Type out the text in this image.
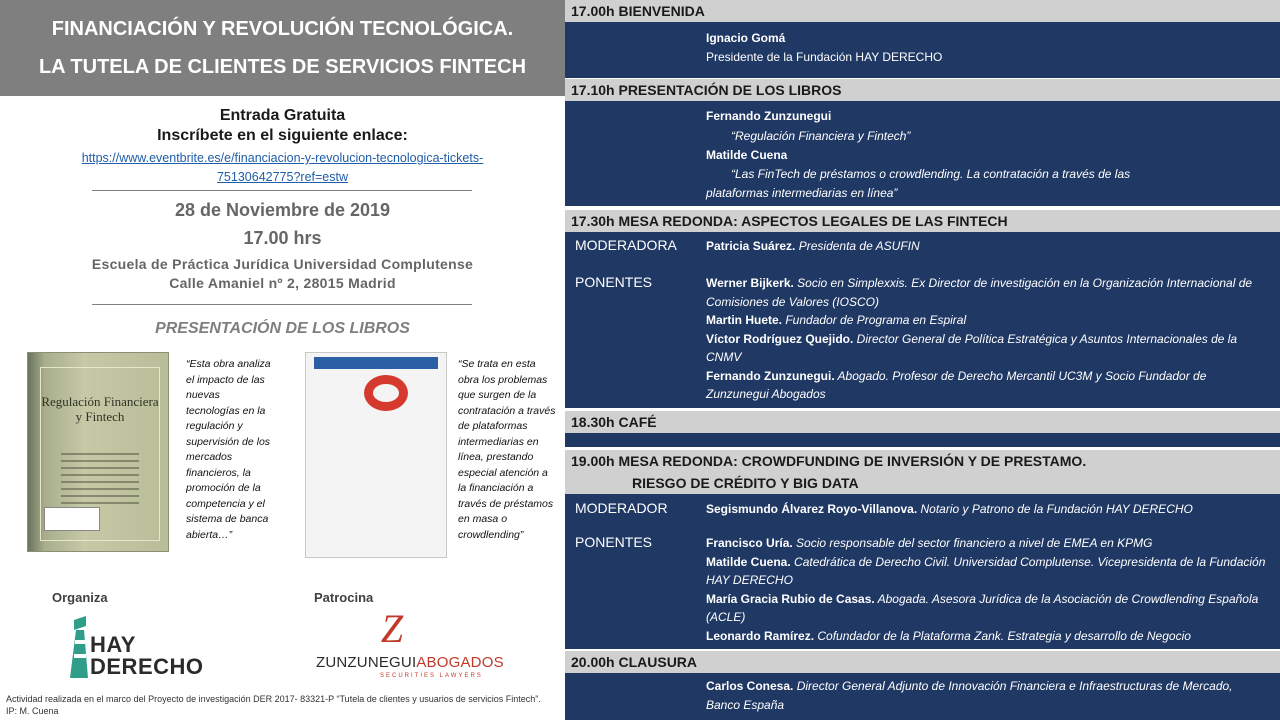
FINANCIACIÓN Y REVOLUCIÓN TECNOLÓGICA.
LA TUTELA DE CLIENTES DE SERVICIOS FINTECH
Entrada Gratuita
Inscríbete en el siguiente enlace:
https://www.eventbrite.es/e/financiacion-y-revolucion-tecnologica-tickets-
75130642775?ref=estw
28 de Noviembre de 2019
17.00 hrs
Escuela de Práctica Jurídica Universidad Complutense
Calle Amaniel nº 2, 28015 Madrid
PRESENTACIÓN DE LOS LIBROS
Regulación Financiera y Fintech
“Esta obra analiza el impacto de las nuevas tecnologías en la regulación y supervisión de los mercados financieros, la promoción de la competencia y el sistema de banca abierta…”
“Se trata en esta obra los problemas que surgen de la contratación a través de plataformas intermediarias en línea, prestando especial atención a la financiación a través de préstamos en masa o crowdlending”
Organiza	Patrocina
HAY
DERECHO
Z
ZUNZUNEGUIABOGADOS
SECURITIES LAWYERS
Actividad realizada en el marco del Proyecto de investigación DER 2017- 83321-P “Tutela de clientes y usuarios de servicios Fintech”. IP: M. Cuena
17.00h BIENVENIDA
Ignacio Gomá
Presidente de la Fundación HAY DERECHO
17.10h PRESENTACIÓN DE LOS LIBROS
Fernando Zunzunegui
“Regulación Financiera y Fintech”
Matilde Cuena
“Las FinTech de préstamos o crowdlending. La contratación a través de las
plataformas intermediarias en línea”
17.30h MESA REDONDA: ASPECTOS LEGALES DE LAS FINTECH
MODERADORA Patricia Suárez. Presidenta de ASUFIN
PONENTES	Werner Bijkerk. Socio en Simplexxis. Ex Director de investigación en la Organización Internacional de Comisiones de Valores (IOSCO)
Martin Huete. Fundador de Programa en Espiral
Víctor Rodríguez Quejido. Director General de Política Estratégica y Asuntos Internacionales de la CNMV
Fernando Zunzunegui. Abogado. Profesor de Derecho Mercantil UC3M y Socio Fundador de Zunzunegui Abogados
18.30h CAFÉ
19.00h MESA REDONDA: CROWDFUNDING DE INVERSIÓN Y DE PRESTAMO.
RIESGO DE CRÉDITO Y BIG DATA
MODERADOR	Segismundo Álvarez Royo-Villanova. Notario y Patrono de la Fundación HAY DERECHO
PONENTES	Francisco Uría. Socio responsable del sector financiero a nivel de EMEA en KPMG
Matilde Cuena. Catedrática de Derecho Civil. Universidad Complutense. Vicepresidenta de la Fundación HAY DERECHO
María Gracia Rubio de Casas. Abogada. Asesora Jurídica de la Asociación de Crowdlending Española (ACLE)
Leonardo Ramírez. Cofundador de la Plataforma Zank. Estrategia y desarrollo de Negocio
20.00h CLAUSURA
Carlos Conesa. Director General Adjunto de Innovación Financiera e Infraestructuras de Mercado, Banco España
